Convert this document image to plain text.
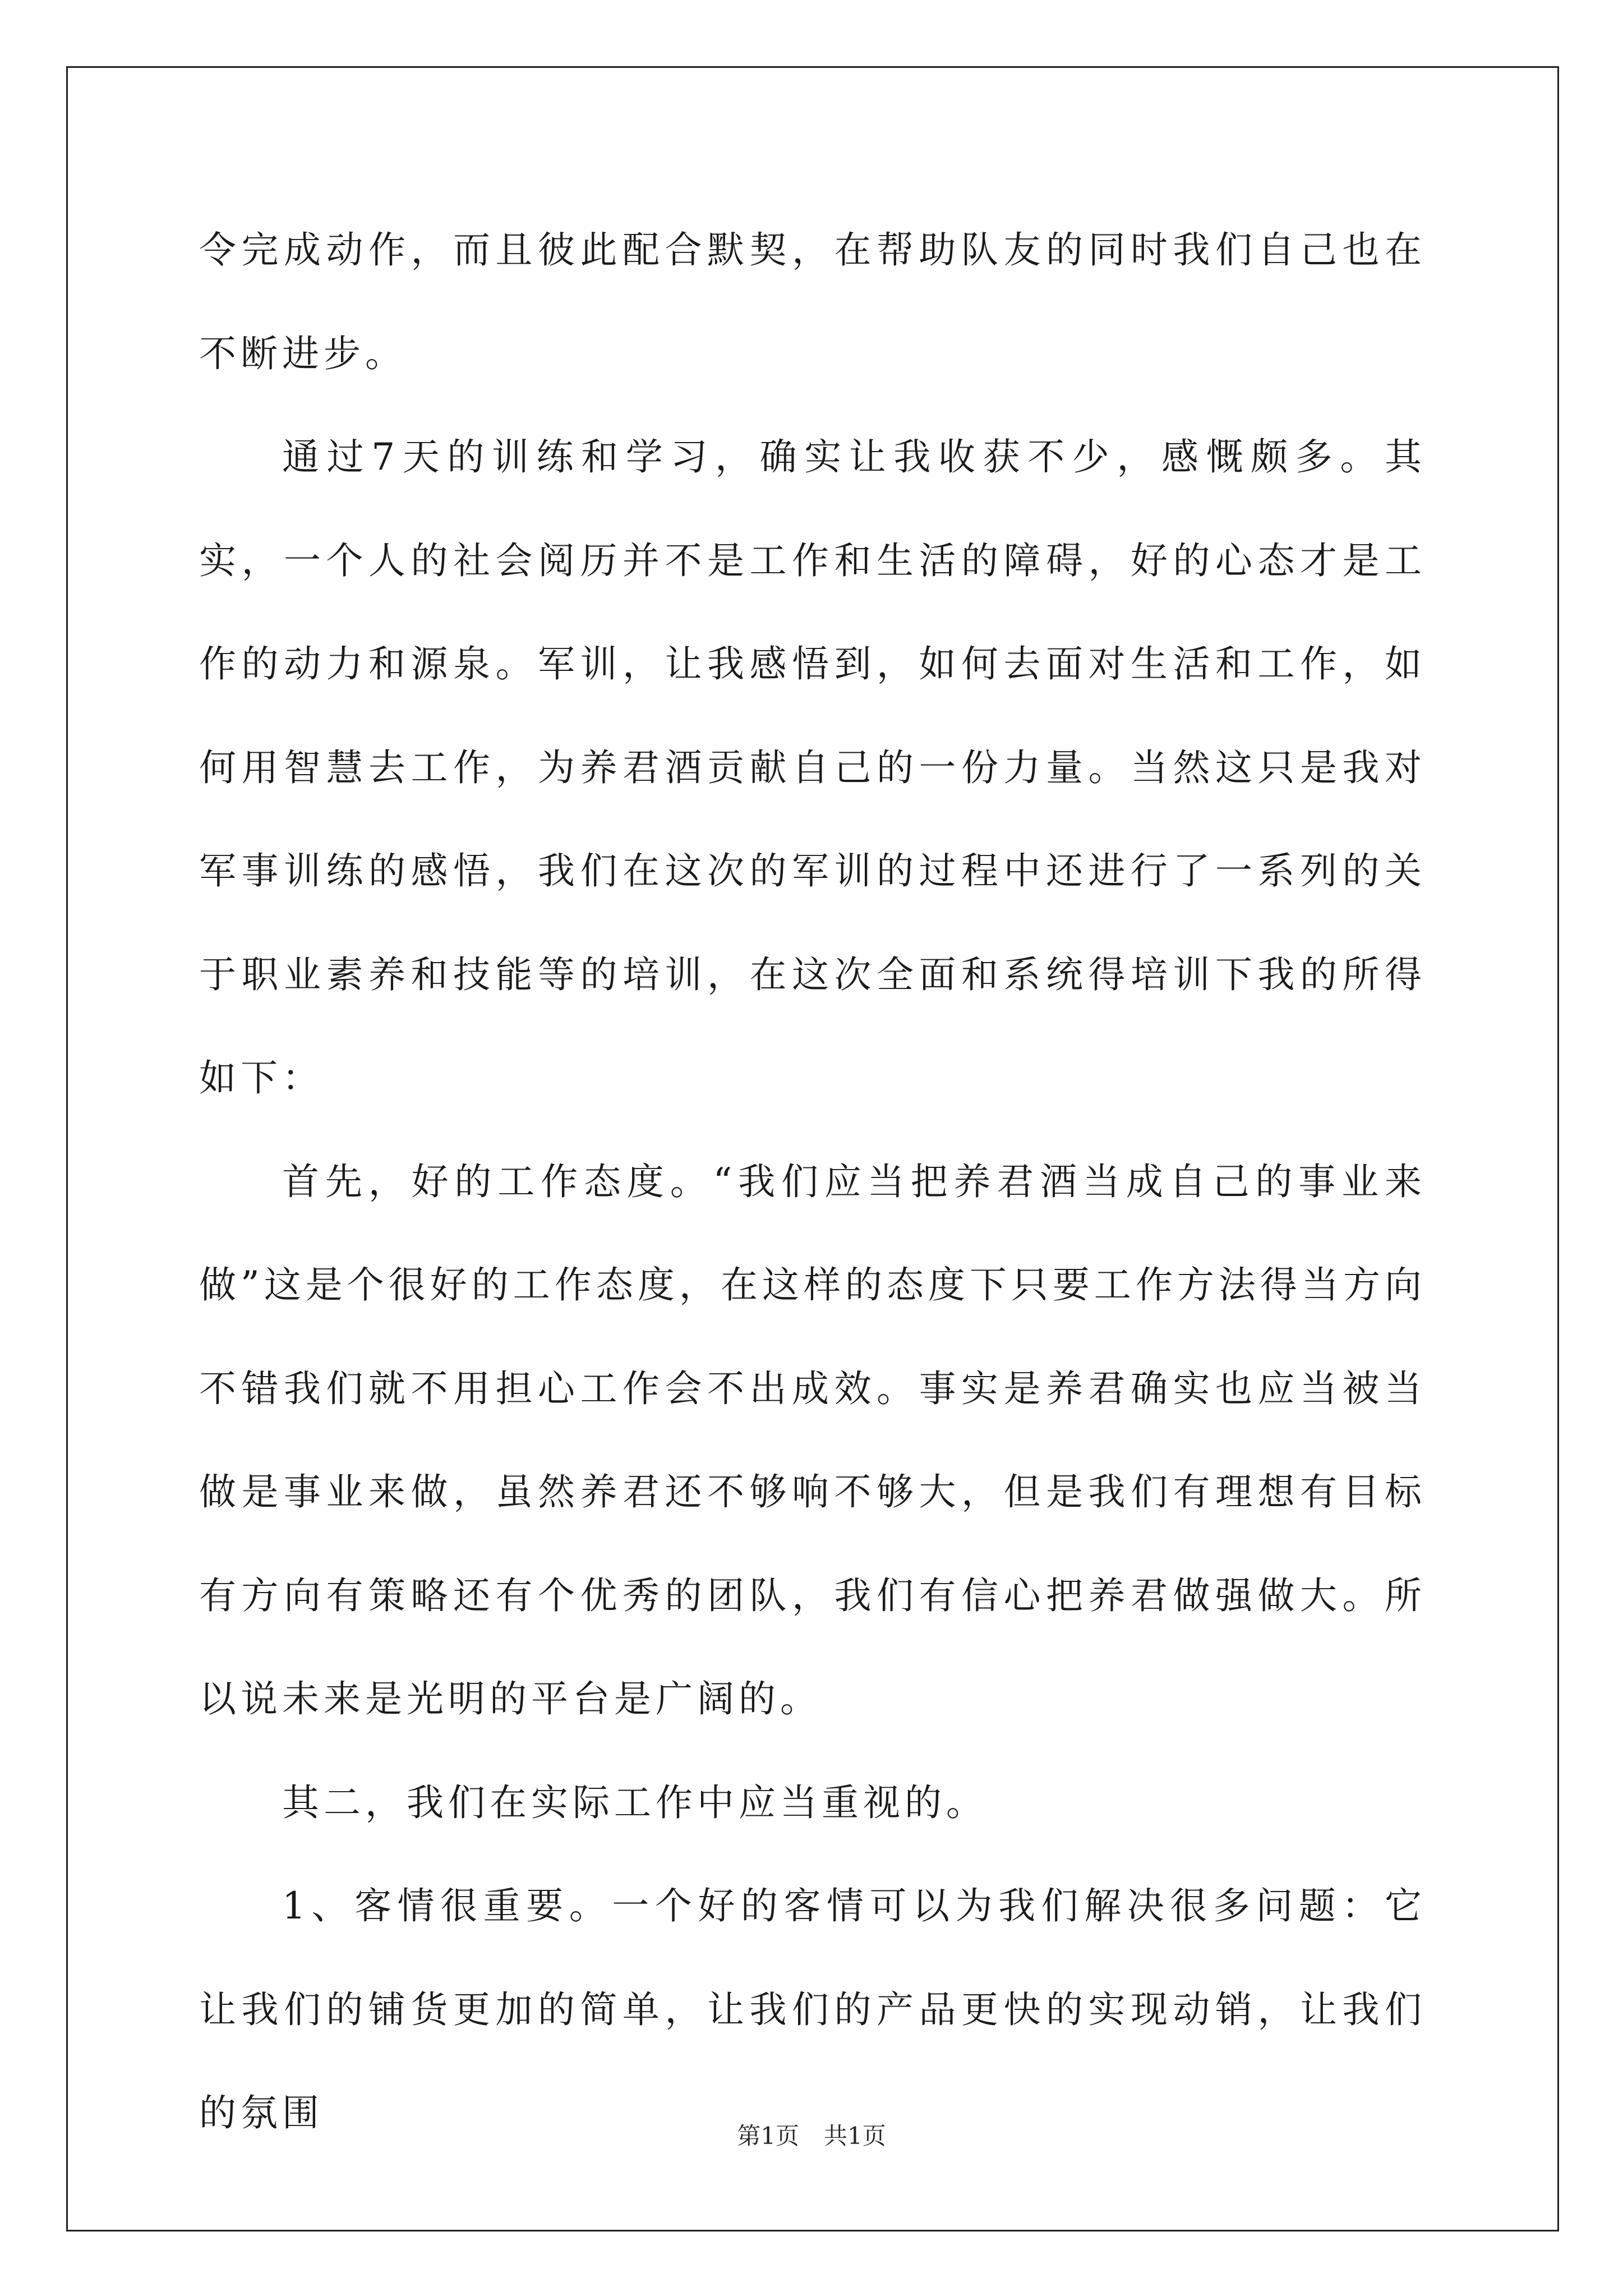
令完成动作，而且彼此配合默契，在帮助队友的同时我们自己也在不断进步。

通过7天的训练和学习，确实让我收获不少，感慨颇多。其实，一个人的社会阅历并不是工作和生活的障碍，好的心态才是工作的动力和源泉。军训，让我感悟到，如何去面对生活和工作，如何用智慧去工作，为养君酒贡献自己的一份力量。当然这只是我对军事训练的感悟，我们在这次的军训的过程中还进行了一系列的关于职业素养和技能等的培训，在这次全面和系统得培训下我的所得如下：

首先，好的工作态度。“我们应当把养君酒当成自己的事业来做”这是个很好的工作态度，在这样的态度下只要工作方法得当方向不错我们就不用担心工作会不出成效。事实是养君确实也应当被当做是事业来做，虽然养君还不够响不够大，但是我们有理想有目标有方向有策略还有个优秀的团队，我们有信心把养君做强做大。所以说未来是光明的平台是广阔的。

其二，我们在实际工作中应当重视的。

1、客情很重要。一个好的客情可以为我们解决很多问题：它让我们的铺货更加的简单，让我们的产品更快的实现动销，让我们的氛围

第1页 共1页
